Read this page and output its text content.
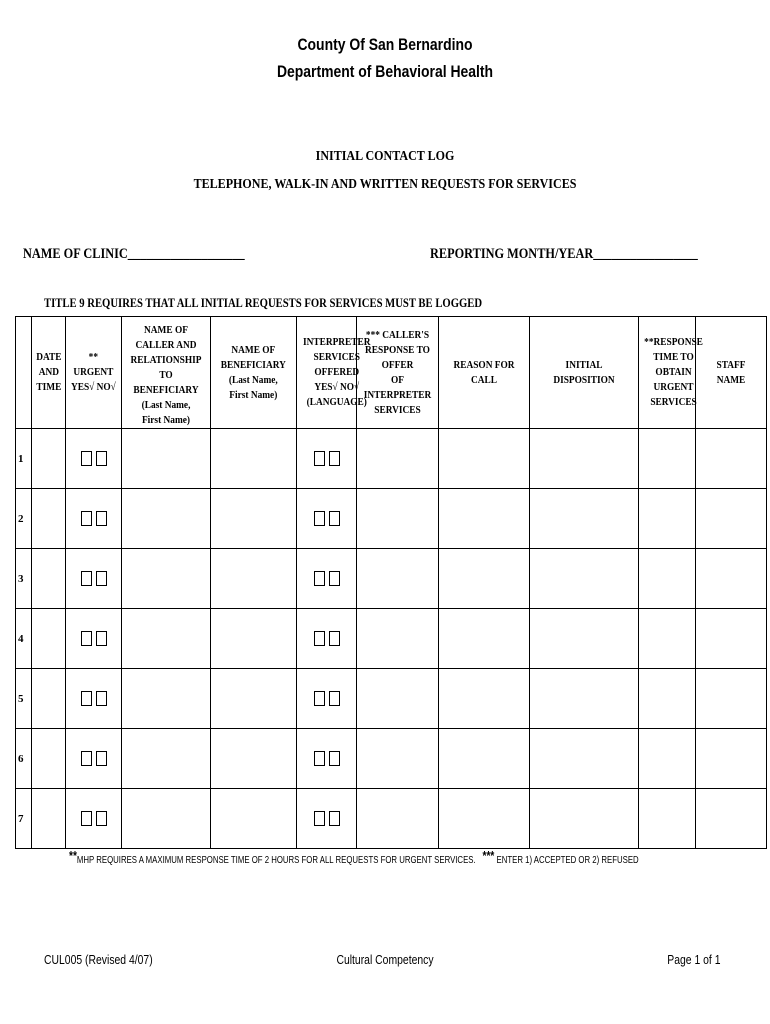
County Of San Bernardino
Department of Behavioral Health
INITIAL CONTACT LOG
TELEPHONE, WALK-IN AND WRITTEN REQUESTS FOR SERVICES
NAME OF CLINIC___________________	REPORTING MONTH/YEAR_________________
TITLE 9 REQUIRES THAT ALL INITIAL REQUESTS FOR SERVICES MUST BE LOGGED
	DATE
AND
TIME	**
URGENT
YES√ NO√	NAME OF CALLER AND
RELATIONSHIP TO
BENEFICIARY
(Last Name,
First Name)	NAME OF
BENEFICIARY
(Last Name,
First Name)	INTERPRETER
SERVICES
OFFERED
YES√ NO√
(LANGUAGE)	*** CALLER'S
RESPONSE TO OFFER
OF INTERPRETER
SERVICES	REASON FOR CALL	INITIAL DISPOSITION	**RESPONSE
TIME TO
OBTAIN
URGENT
SERVICES	STAFF
NAME
1										
2										
3										
4										
5										
6										
7										
**MHP REQUIRES A MAXIMUM RESPONSE TIME OF 2 HOURS FOR ALL REQUESTS FOR URGENT SERVICES. *** ENTER 1) ACCEPTED OR 2) REFUSED
CUL005 (Revised 4/07)	Cultural Competency	Page 1 of 1
